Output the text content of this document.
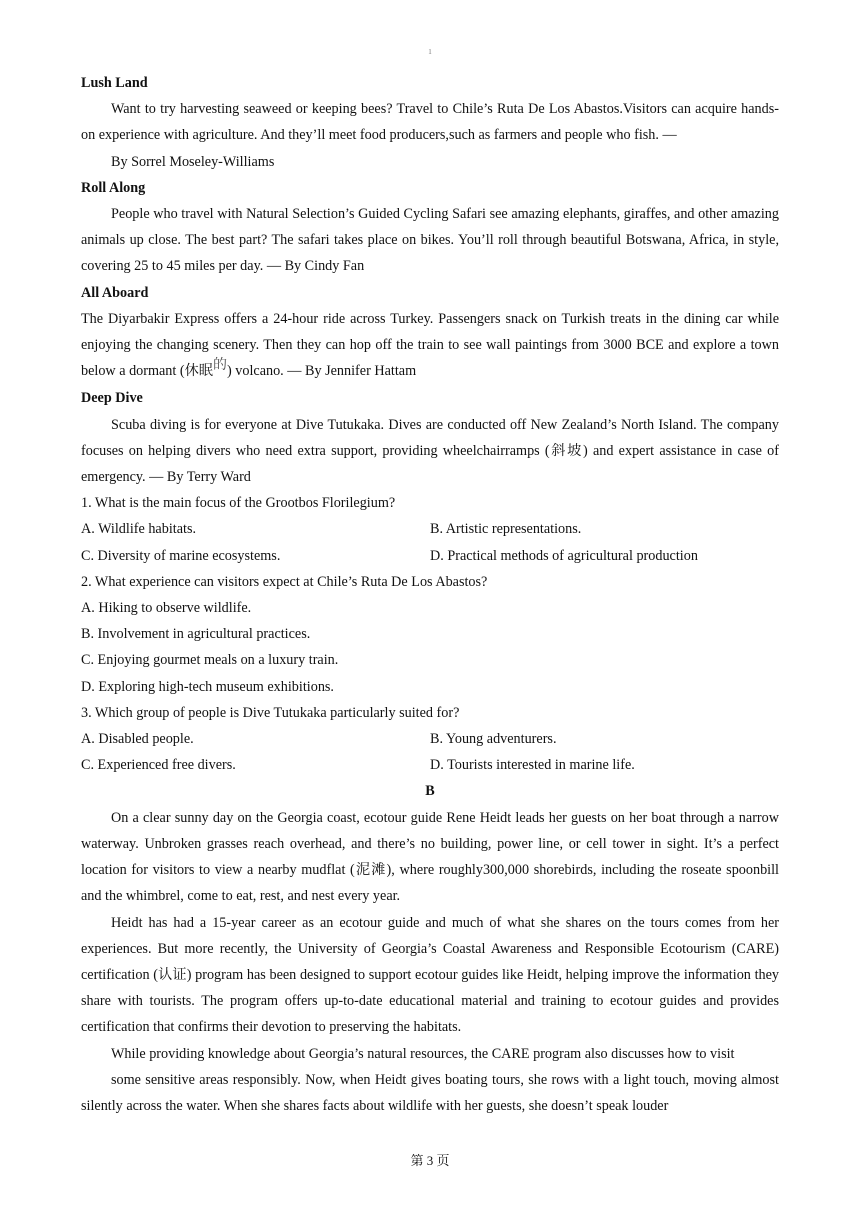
1

Lush Land

Want to try harvesting seaweed or keeping bees? Travel to Chile’s Ruta De Los Abastos.Visitors can acquire hands-on experience with agriculture. And they’ll meet food producers,such as farmers and people who fish. —

By Sorrel Moseley-Williams

Roll Along

People who travel with Natural Selection’s Guided Cycling Safari see amazing elephants, giraffes, and other amazing animals up close. The best part? The safari takes place on bikes. You’ll roll through beautiful Botswana, Africa, in style, covering 25 to 45 miles per day. — By Cindy Fan

All Aboard

The Diyarbakir Express offers a 24-hour ride across Turkey. Passengers snack on Turkish treats in the dining car while enjoying the changing scenery. Then they can hop off the train to see wall paintings from 3000 BCE and explore a town below a dormant (休眠的) volcano. — By Jennifer Hattam

Deep Dive

Scuba diving is for everyone at Dive Tutukaka. Dives are conducted off New Zealand’s North Island. The company focuses on helping divers who need extra support, providing wheelchairramps (斜坡) and expert assistance in case of emergency. — By Terry Ward

1. What is the main focus of the Grootbos Florilegium?

A. Wildlife habitats.	B. Artistic representations.
C. Diversity of marine ecosystems.	D. Practical methods of agricultural production

2. What experience can visitors expect at Chile’s Ruta De Los Abastos?

A. Hiking to observe wildlife.

B. Involvement in agricultural practices.

C. Enjoying gourmet meals on a luxury train.

D. Exploring high-tech museum exhibitions.

3. Which group of people is Dive Tutukaka particularly suited for?

A. Disabled people.	B. Young adventurers.
C. Experienced free divers.	D. Tourists interested in marine life.

B

On a clear sunny day on the Georgia coast, ecotour guide Rene Heidt leads her guests on her boat through a narrow waterway. Unbroken grasses reach overhead, and there’s no building, power line, or cell tower in sight. It’s a perfect location for visitors to view a nearby mudflat (泥滩), where roughly300,000 shorebirds, including the roseate spoonbill and the whimbrel, come to eat, rest, and nest every year.

Heidt has had a 15-year career as an ecotour guide and much of what she shares on the tours comes from her experiences. But more recently, the University of Georgia’s Coastal Awareness and Responsible Ecotourism (CARE) certification (认证) program has been designed to support ecotour guides like Heidt, helping improve the information they share with tourists. The program offers up-to-date educational material and training to ecotour guides and provides certification that confirms their devotion to preserving the habitats.

While providing knowledge about Georgia’s natural resources, the CARE program also discusses how to visit

some sensitive areas responsibly. Now, when Heidt gives boating tours, she rows with a light touch, moving almost silently across the water. When she shares facts about wildlife with her guests, she doesn’t speak louder

第 3 页
